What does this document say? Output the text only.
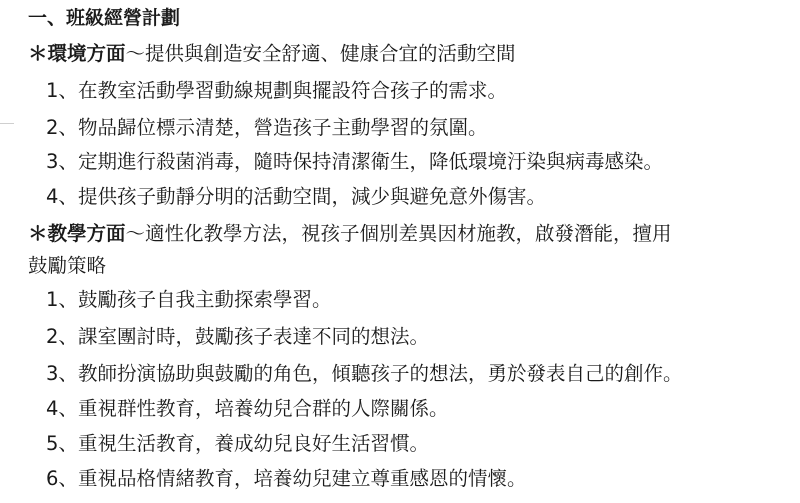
一、班級經營計劃
＊環境方面～提供與創造安全舒適、健康合宜的活動空間
1、在教室活動學習動線規劃與擺設符合孩子的需求。
2、物品歸位標示清楚，營造孩子主動學習的氛圍。
3、定期進行殺菌消毒，隨時保持清潔衛生，降低環境汙染與病毒感染。
4、提供孩子動靜分明的活動空間，減少與避免意外傷害。
＊教學方面～適性化教學方法，視孩子個別差異因材施教，啟發潛能，擅用
鼓勵策略
1、鼓勵孩子自我主動探索學習。
2、課室團討時，鼓勵孩子表達不同的想法。
3、教師扮演協助與鼓勵的角色，傾聽孩子的想法，勇於發表自己的創作。
4、重視群性教育，培養幼兒合群的人際關係。
5、重視生活教育，養成幼兒良好生活習慣。
6、重視品格情緒教育，培養幼兒建立尊重感恩的情懷。
